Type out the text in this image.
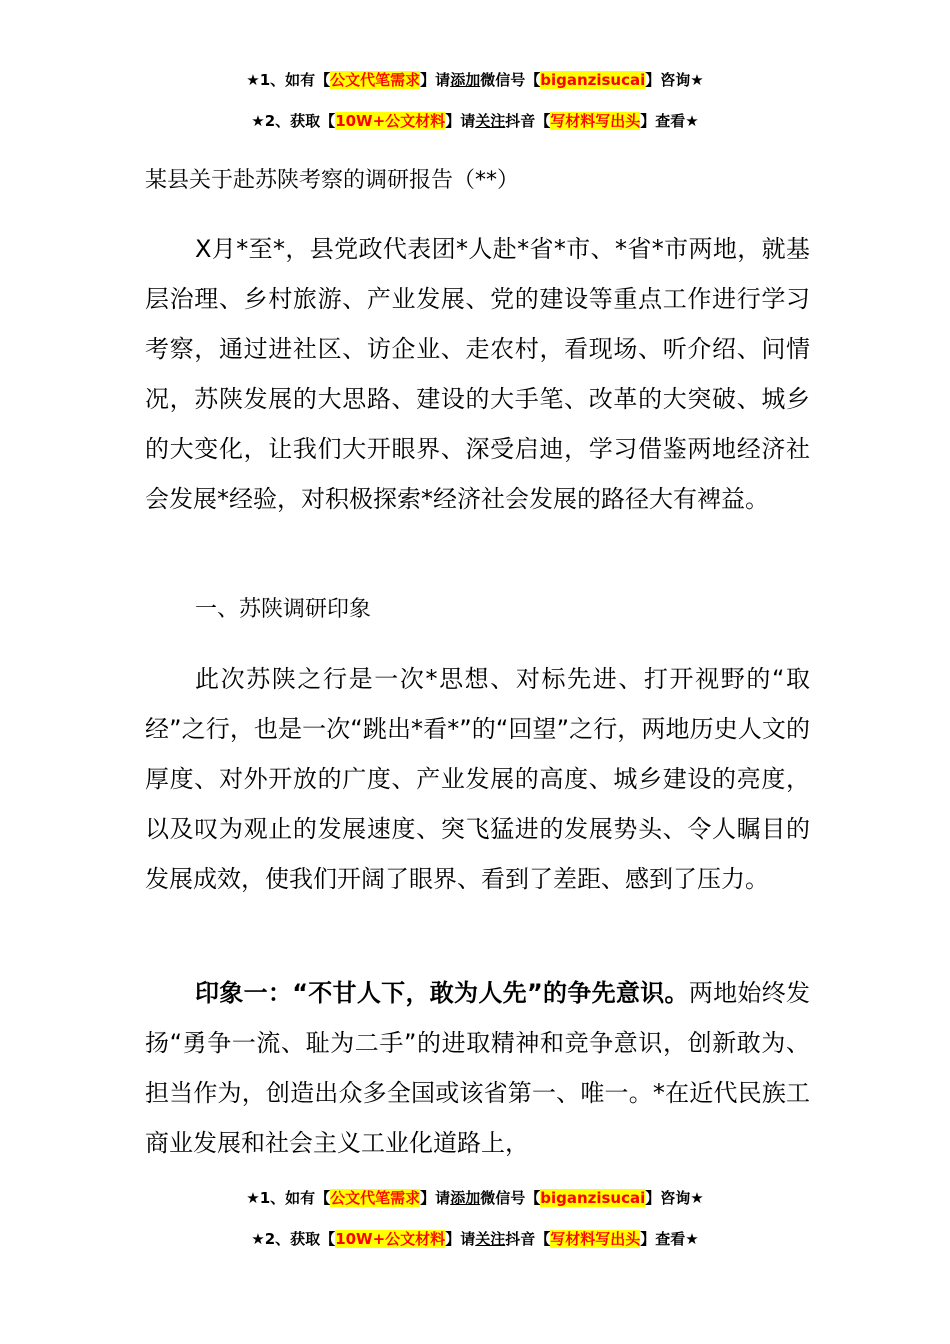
★1、如有【公文代笔需求】请添加微信号【biganzisucai】咨询★
★2、获取【10W+公文材料】请关注抖音【写材料写出头】查看★
某县关于赴苏陕考察的调研报告（**）
X月*至*，县党政代表团*人赴*省*市、*省*市两地，就基层治理、乡村旅游、产业发展、党的建设等重点工作进行学习考察，通过进社区、访企业、走农村，看现场、听介绍、问情况，苏陕发展的大思路、建设的大手笔、改革的大突破、城乡的大变化，让我们大开眼界、深受启迪，学习借鉴两地经济社会发展*经验，对积极探索*经济社会发展的路径大有裨益。
一、苏陕调研印象
此次苏陕之行是一次*思想、对标先进、打开视野的“取经”之行，也是一次“跳出*看*”的“回望”之行，两地历史人文的厚度、对外开放的广度、产业发展的高度、城乡建设的亮度，以及叹为观止的发展速度、突飞猛进的发展势头、令人瞩目的发展成效，使我们开阔了眼界、看到了差距、感到了压力。
印象一：“不甘人下，敢为人先”的争先意识。两地始终发扬“勇争一流、耻为二手”的进取精神和竞争意识，创新敢为、担当作为，创造出众多全国或该省第一、唯一。*在近代民族工商业发展和社会主义工业化道路上，
★1、如有【公文代笔需求】请添加微信号【biganzisucai】咨询★
★2、获取【10W+公文材料】请关注抖音【写材料写出头】查看★
